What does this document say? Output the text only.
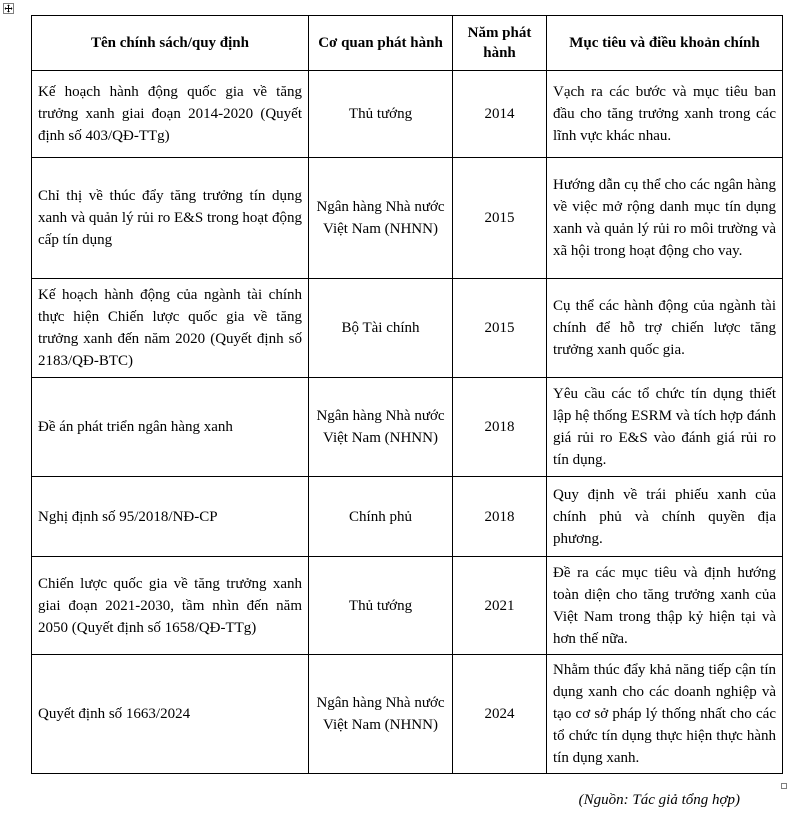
Tên chính sách/quy định	Cơ quan phát hành	Năm phát hành	Mục tiêu và điều khoản chính
Kế hoạch hành động quốc gia về tăng trưởng xanh giai đoạn 2014-2020 (Quyết định số 403/QĐ-TTg)	Thủ tướng	2014	Vạch ra các bước và mục tiêu ban đầu cho tăng trưởng xanh trong các lĩnh vực khác nhau.
Chỉ thị về thúc đẩy tăng trưởng tín dụng xanh và quản lý rủi ro E&S trong hoạt động cấp tín dụng	Ngân hàng Nhà nước Việt Nam (NHNN)	2015	Hướng dẫn cụ thể cho các ngân hàng về việc mở rộng danh mục tín dụng xanh và quản lý rủi ro môi trường và xã hội trong hoạt động cho vay.
Kế hoạch hành động của ngành tài chính thực hiện Chiến lược quốc gia về tăng trưởng xanh đến năm 2020 (Quyết định số 2183/QĐ-BTC)	Bộ Tài chính	2015	Cụ thể các hành động của ngành tài chính để hỗ trợ chiến lược tăng trưởng xanh quốc gia.
Đề án phát triển ngân hàng xanh	Ngân hàng Nhà nước Việt Nam (NHNN)	2018	Yêu cầu các tổ chức tín dụng thiết lập hệ thống ESRM và tích hợp đánh giá rủi ro E&S vào đánh giá rủi ro tín dụng.
Nghị định số 95/2018/NĐ-CP	Chính phủ	2018	Quy định về trái phiếu xanh của chính phủ và chính quyền địa phương.
Chiến lược quốc gia về tăng trưởng xanh giai đoạn 2021-2030, tầm nhìn đến năm 2050 (Quyết định số 1658/QĐ-TTg)	Thủ tướng	2021	Đề ra các mục tiêu và định hướng toàn diện cho tăng trưởng xanh của Việt Nam trong thập kỷ hiện tại và hơn thế nữa.
Quyết định số 1663/2024	Ngân hàng Nhà nước Việt Nam (NHNN)	2024	Nhằm thúc đẩy khả năng tiếp cận tín dụng xanh cho các doanh nghiệp và tạo cơ sở pháp lý thống nhất cho các tổ chức tín dụng thực hiện thực hành tín dụng xanh.
(Nguồn: Tác giả tổng hợp)
